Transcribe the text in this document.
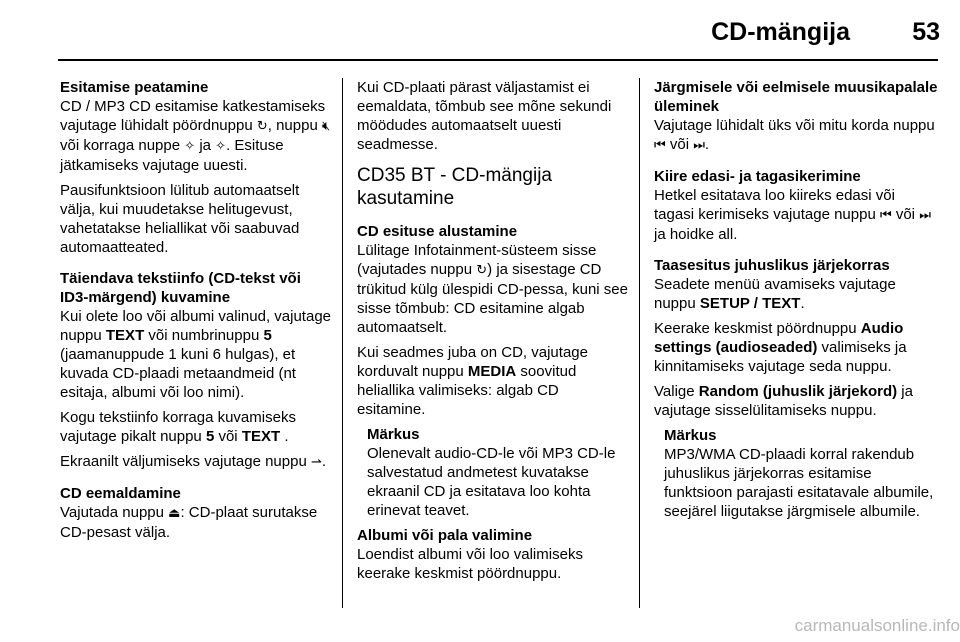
CD-mängija	53
Esitamise peatamine

CD / MP3 CD esitamise katkestamiseks vajutage lühidalt pöördnuppu ↻, nuppu 🔇︎ või korraga nuppe ✧ ja ✧. Esituse jätkamiseks vajutage uuesti.

Pausifunktsioon lülitub automaatselt välja, kui muudetakse helitugevust, vahetatakse heliallikat või saabuvad automaatteated.

Täiendava tekstiinfo (CD-tekst või ID3-märgend) kuvamine

Kui olete loo või albumi valinud, vajutage nuppu TEXT või numbrinuppu 5 (jaamanuppude 1 kuni 6 hulgas), et kuvada CD-plaadi metaandmeid (nt esitaja, albumi või loo nimi).

Kogu tekstiinfo korraga kuvamiseks vajutage pikalt nuppu 5 või TEXT .

Ekraanilt väljumiseks vajutage nuppu ⇀.

CD eemaldamine

Vajutada nuppu ⏏: CD-plaat surutakse CD-pesast välja.

Kui CD-plaati pärast väljastamist ei eemaldata, tõmbub see mõne sekundi möödudes automaatselt uuesti seadmesse.

CD35 BT - CD-mängija kasutamine
CD esituse alustamine

Lülitage Infotainment-süsteem sisse (vajutades nuppu ↻) ja sisestage CD trükitud külg ülespidi CD-pessa, kuni see sisse tõmbub: CD esitamine algab automaatselt.

Kui seadmes juba on CD, vajutage korduvalt nuppu MEDIA soovitud heliallika valimiseks: algab CD esitamine.

Märkus

Olenevalt audio-CD-le või MP3 CD-le salvestatud andmetest kuvatakse ekraanil CD ja esitatava loo kohta erinevat teavet.

Albumi või pala valimine

Loendist albumi või loo valimiseks keerake keskmist pöördnuppu.

Järgmisele või eelmisele muusikapalale üleminek

Vajutage lühidalt üks või mitu korda nuppu ⏮ või ⏭.

Kiire edasi- ja tagasikerimine

Hetkel esitatava loo kiireks edasi või tagasi kerimiseks vajutage nuppu ⏮ või ⏭ ja hoidke all.

Taasesitus juhuslikus järjekorras

Seadete menüü avamiseks vajutage nuppu SETUP / TEXT.

Keerake keskmist pöördnuppu Audio settings (audioseaded) valimiseks ja kinnitamiseks vajutage seda nuppu.

Valige Random (juhuslik järjekord) ja vajutage sisselülitamiseks nuppu.

Märkus

MP3/WMA CD-plaadi korral rakendub juhuslikus järjekorras esitamise funktsioon parajasti esitatavale albumile, seejärel liigutakse järgmisele albumile.

carmanualsonline.info
